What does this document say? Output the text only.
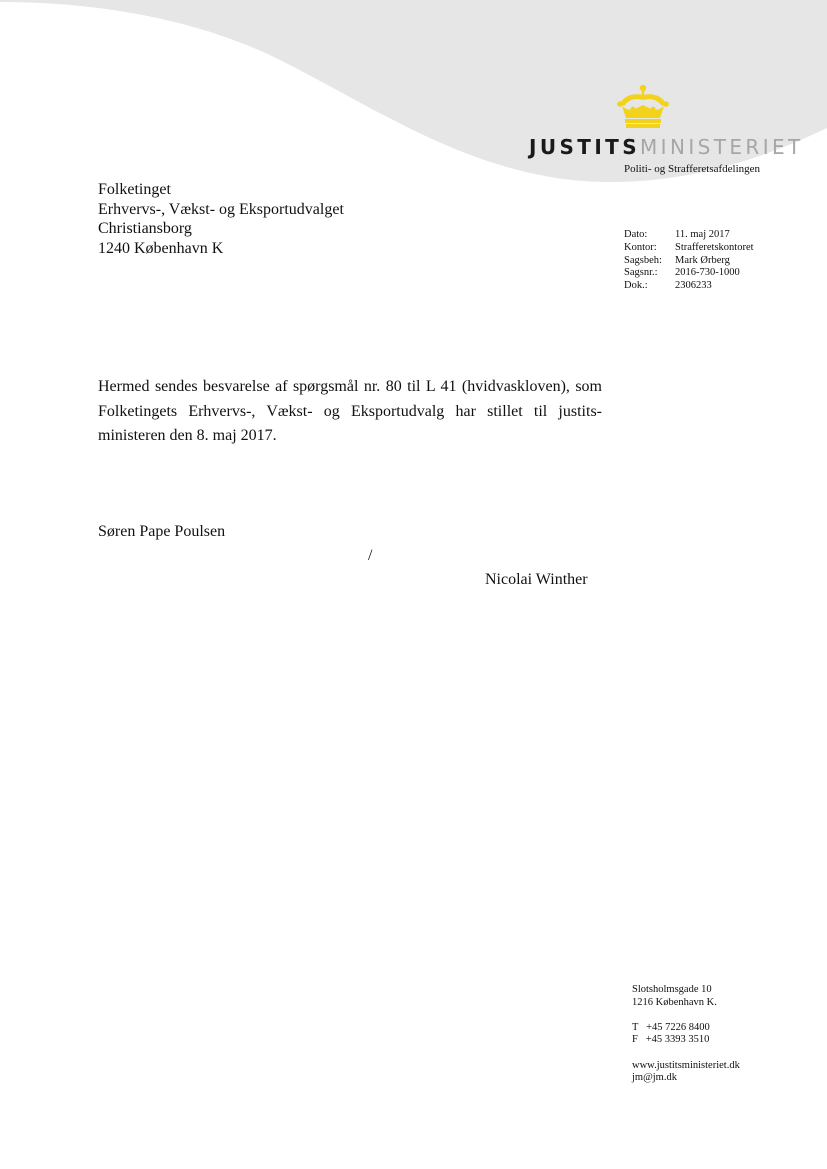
JUSTITSMINISTERIET
Politi- og Strafferetsafdelingen
Folketinget
Erhvervs-, Vækst- og Eksportudvalget
Christiansborg
1240 København K
Dato:	11. maj 2017
Kontor:	Strafferetskontoret
Sagsbeh:	Mark Ørberg
Sagsnr.:	2016-730-1000
Dok.:	2306233
Hermed sendes besvarelse af spørgsmål nr. 80 til L 41 (hvidvaskloven), som Folketingets Erhvervs-, Vækst- og Eksportudvalg har stillet til justits-ministeren den 8. maj 2017.
Søren Pape Poulsen
/
Nicolai Winther
Slotsholmsgade 10
1216 København K.
T   +45 7226 8400
F   +45 3393 3510
www.justitsministeriet.dk
jm@jm.dk
